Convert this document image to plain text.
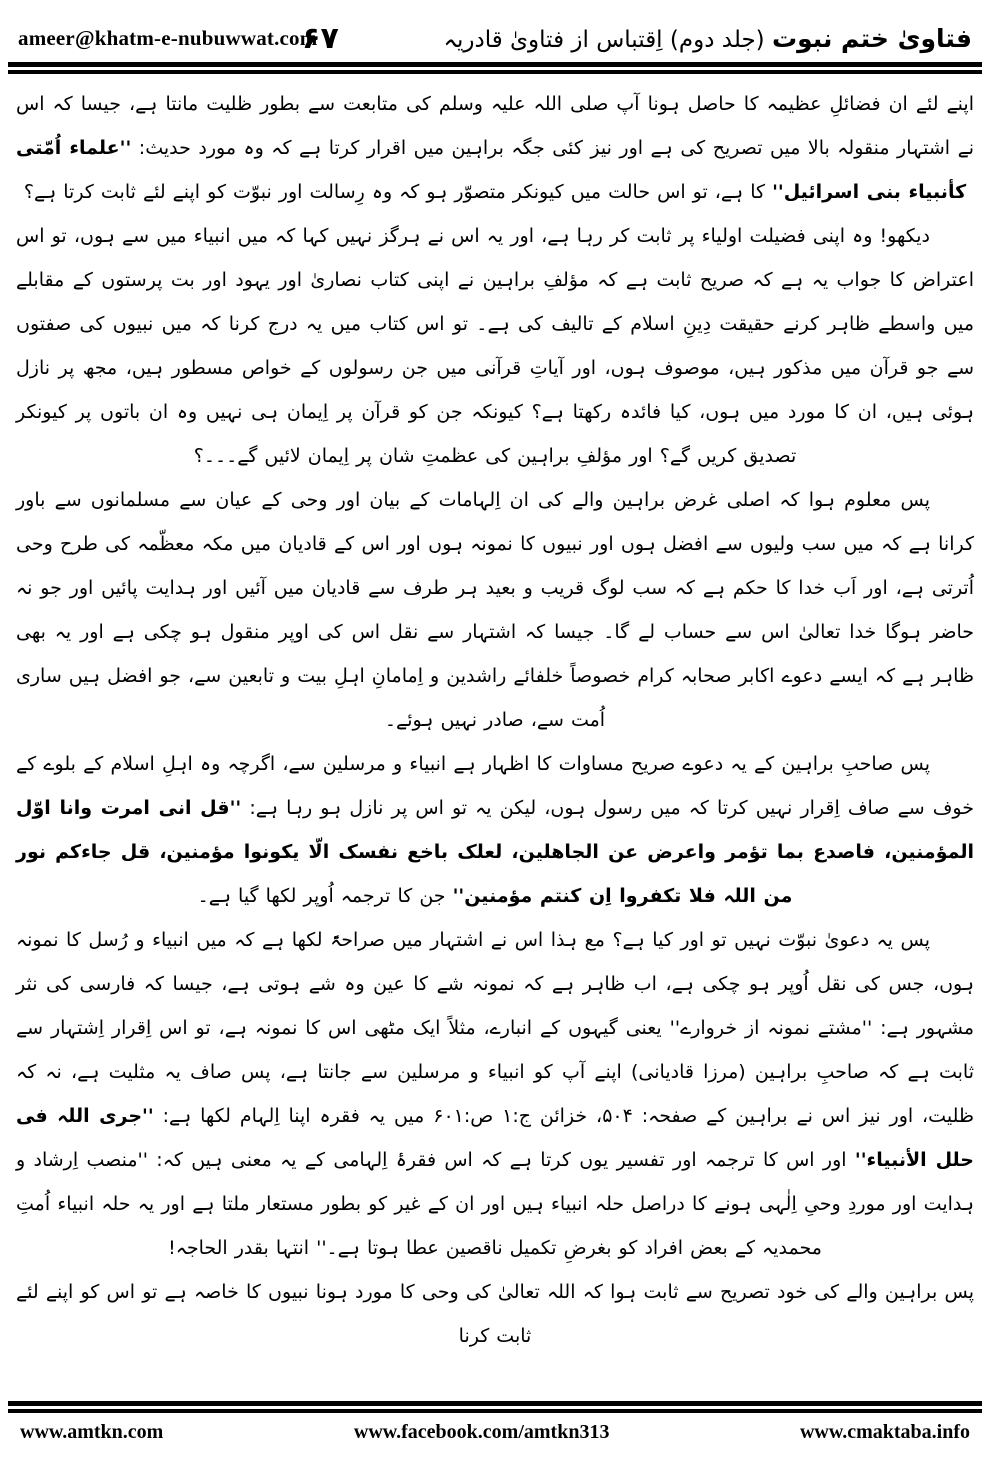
ameer@khatm-e-nubuwwat.com
۶۷	فتاویٰ ختم نبوت (جلد دوم) اِقتباس از فتاویٰ قادریہ

اپنے لئے ان فضائلِ عظیمہ کا حاصل ہونا آپ صلی اللہ علیہ وسلم کی متابعت سے بطور ظلیت مانتا ہے، جیسا کہ اس نے اشتہار منقولہ بالا میں تصریح کی ہے اور نیز کئی جگہ براہین میں اقرار کرتا ہے کہ وہ مورد حدیث: ''علماء اُمّتی کأنبیاء بنی اسرائیل'' کا ہے، تو اس حالت میں کیونکر متصوّر ہو کہ وہ رِسالت اور نبوّت کو اپنے لئے ثابت کرتا ہے؟

دیکھو! وہ اپنی فضیلت اولیاء پر ثابت کر رہا ہے، اور یہ اس نے ہرگز نہیں کہا کہ میں انبیاء میں سے ہوں، تو اس اعتراض کا جواب یہ ہے کہ صریح ثابت ہے کہ مؤلفِ براہین نے اپنی کتاب نصاریٰ اور یہود اور بت پرستوں کے مقابلے میں واسطے ظاہر کرنے حقیقت دِینِ اسلام کے تالیف کی ہے۔ تو اس کتاب میں یہ درج کرنا کہ میں نبیوں کی صفتوں سے جو قرآن میں مذکور ہیں، موصوف ہوں، اور آیاتِ قرآنی میں جن رسولوں کے خواص مسطور ہیں، مجھ پر نازل ہوئی ہیں، ان کا مورد میں ہوں، کیا فائدہ رکھتا ہے؟ کیونکہ جن کو قرآن پر اِیمان ہی نہیں وہ ان باتوں پر کیونکر تصدیق کریں گے؟ اور مؤلفِ براہین کی عظمتِ شان پر اِیمان لائیں گے۔۔۔؟

پس معلوم ہوا کہ اصلی غرض براہین والے کی ان اِلہامات کے بیان اور وحی کے عیان سے مسلمانوں سے باور کرانا ہے کہ میں سب ولیوں سے افضل ہوں اور نبیوں کا نمونہ ہوں اور اس کے قادیان میں مکہ معظّمہ کی طرح وحی اُترتی ہے، اور اَب خدا کا حکم ہے کہ سب لوگ قریب و بعید ہر طرف سے قادیان میں آئیں اور ہدایت پائیں اور جو نہ حاضر ہوگا خدا تعالیٰ اس سے حساب لے گا۔ جیسا کہ اشتہار سے نقل اس کی اوپر منقول ہو چکی ہے اور یہ بھی ظاہر ہے کہ ایسے دعوے اکابر صحابہ کرام خصوصاً خلفائے راشدین و اِمامانِ اہلِ بیت و تابعین سے، جو افضل ہیں ساری اُمت سے، صادر نہیں ہوئے۔

پس صاحبِ براہین کے یہ دعوے صریح مساوات کا اظہار ہے انبیاء و مرسلین سے، اگرچہ وہ اہلِ اسلام کے بلوے کے خوف سے صاف اِقرار نہیں کرتا کہ میں رسول ہوں، لیکن یہ تو اس پر نازل ہو رہا ہے: ''قل انی امرت وانا اوّل المؤمنین، فاصدع بما تؤمر واعرض عن الجاهلین، لعلک باخع نفسک الّا یکونوا مؤمنین، قل جاءکم نور من اللہ فلا تکفروا اِن کنتم مؤمنین'' جن کا ترجمہ اُوپر لکھا گیا ہے۔

پس یہ دعویٰ نبوّت نہیں تو اور کیا ہے؟ مع ہذا اس نے اشتہار میں صراحۃً لکھا ہے کہ میں انبیاء و رُسل کا نمونہ ہوں، جس کی نقل اُوپر ہو چکی ہے، اب ظاہر ہے کہ نمونہ شے کا عین وہ شے ہوتی ہے، جیسا کہ فارسی کی نثر مشہور ہے: ''مشتے نمونہ از خروارے'' یعنی گیہوں کے انبارے، مثلاً ایک مٹھی اس کا نمونہ ہے، تو اس اِقرار اِشتہار سے ثابت ہے کہ صاحبِ براہین (مرزا قادیانی) اپنے آپ کو انبیاء و مرسلین سے جانتا ہے، پس صاف یہ مثلیت ہے، نہ کہ ظلیت، اور نیز اس نے براہین کے صفحہ: ۵۰۴، خزائن ج:۱ ص:۶۰۱ میں یہ فقرہ اپنا اِلہام لکھا ہے: ''جری اللہ فی حلل الأنبیاء'' اور اس کا ترجمہ اور تفسیر یوں کرتا ہے کہ اس فقرۂ اِلہامی کے یہ معنی ہیں کہ: ''منصب اِرشاد و ہدایت اور موردِ وحیِ اِلٰہی ہونے کا دراصل حلہ انبیاء ہیں اور ان کے غیر کو بطور مستعار ملتا ہے اور یہ حلہ انبیاء اُمتِ محمدیہ کے بعض افراد کو بغرضِ تکمیل ناقصین عطا ہوتا ہے۔'' انتہا بقدر الحاجہ!

پس براہین والے کی خود تصریح سے ثابت ہوا کہ اللہ تعالیٰ کی وحی کا مورد ہونا نبیوں کا خاصہ ہے تو اس کو اپنے لئے ثابت کرنا

www.amtkn.com	www.facebook.com/amtkn313	www.cmaktaba.info
